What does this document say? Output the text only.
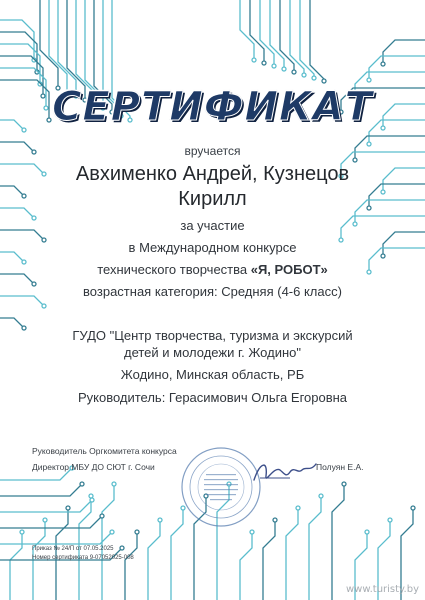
СЕРТИФИКАТ
вручается
Авхименко Андрей, Кузнецов
Кирилл
за участие
в Международном конкурсе
технического творчества «Я, РОБОТ»
возрастная категория: Средняя (4-6 класс)
ГУДО "Центр творчества, туризма и экскурсий
детей и молодежи г. Жодино"
Жодино, Минская область, РБ
Руководитель: Герасимович Ольга Егоровна
Руководитель Оргкомитета конкурса
Директор МБУ ДО СЮТ г. Сочи	Полуян Е.А.
Приказ № 24/П от 07.05.2025
Номер сертификата 9-07052025-008
www.turisty.by
